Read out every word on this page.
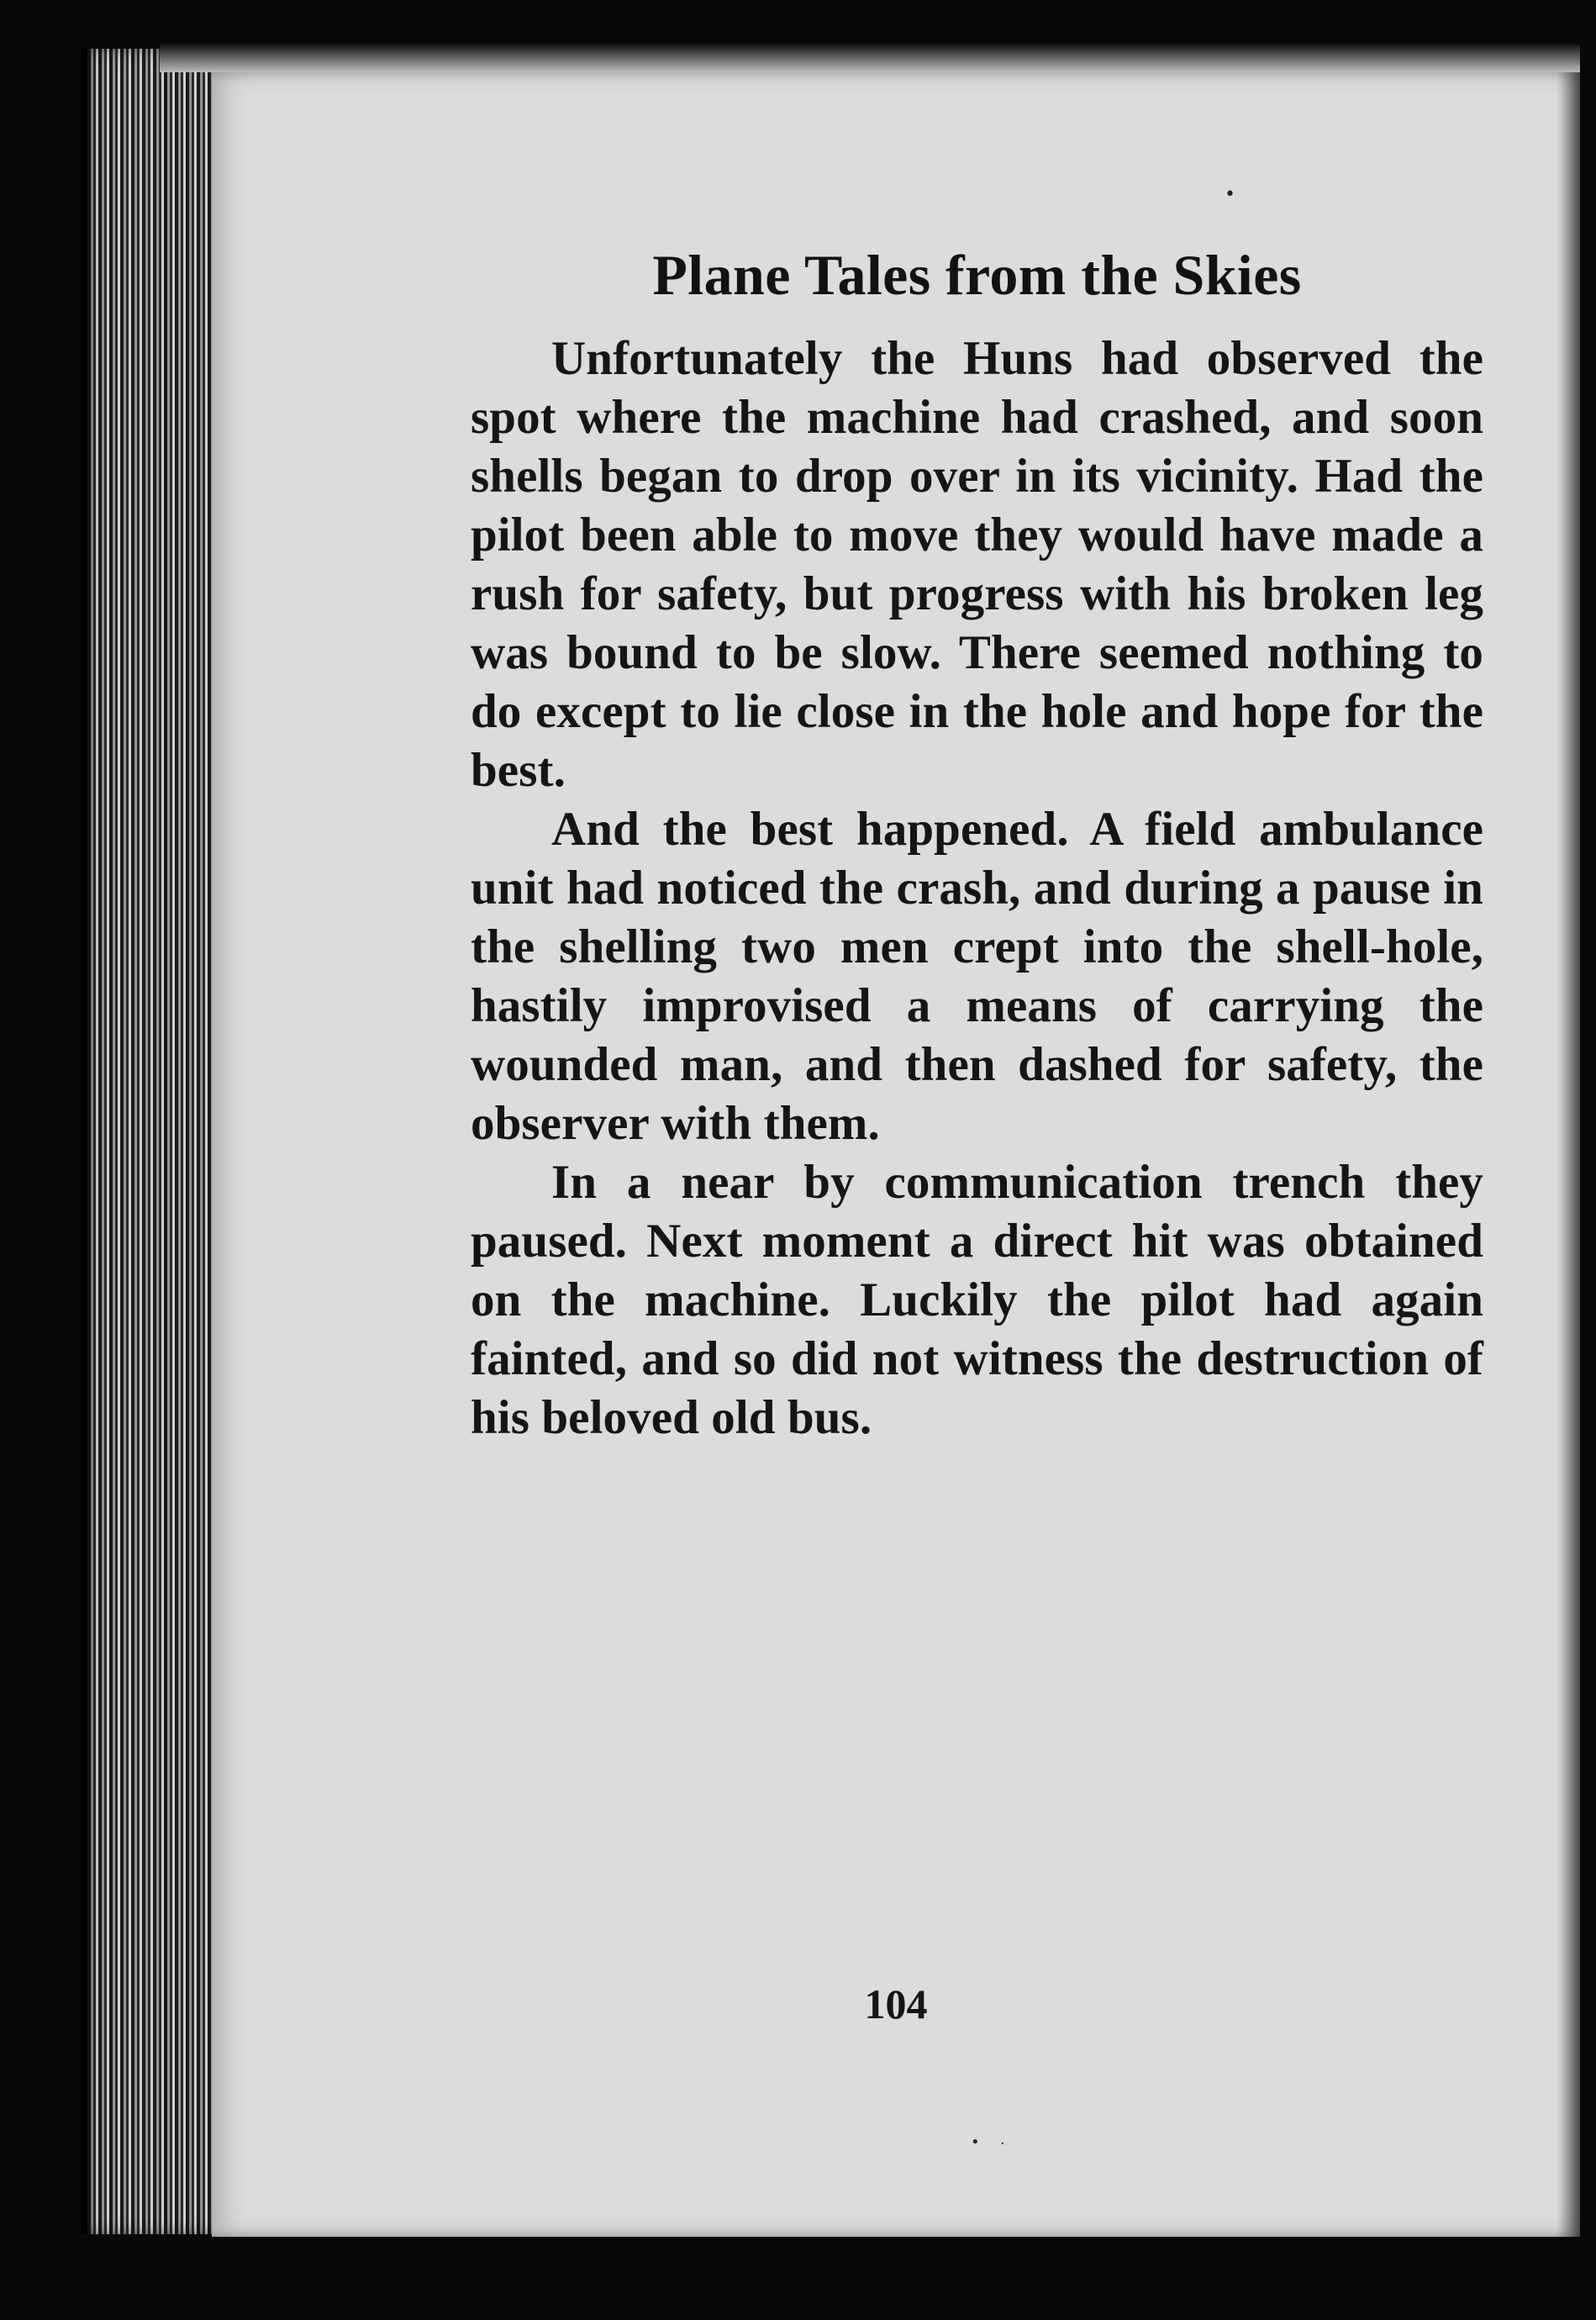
•
Plane Tales from the Skies

Unfortunately the Huns had observed the spot where the machine had crashed, and soon shells began to drop over in its vicinity. Had the pilot been able to move they would have made a rush for safety, but progress with his broken leg was bound to be slow. There seemed nothing to do except to lie close in the hole and hope for the best.

And the best happened. A field ambulance unit had noticed the crash, and during a pause in the shelling two men crept into the shell-hole, hastily improvised a means of carrying the wounded man, and then dashed for safety, the observer with them.

In a near by communication trench they paused. Next moment a direct hit was obtained on the machine. Luckily the pilot had again fainted, and so did not witness the destruction of his beloved old bus.

104
• ·
